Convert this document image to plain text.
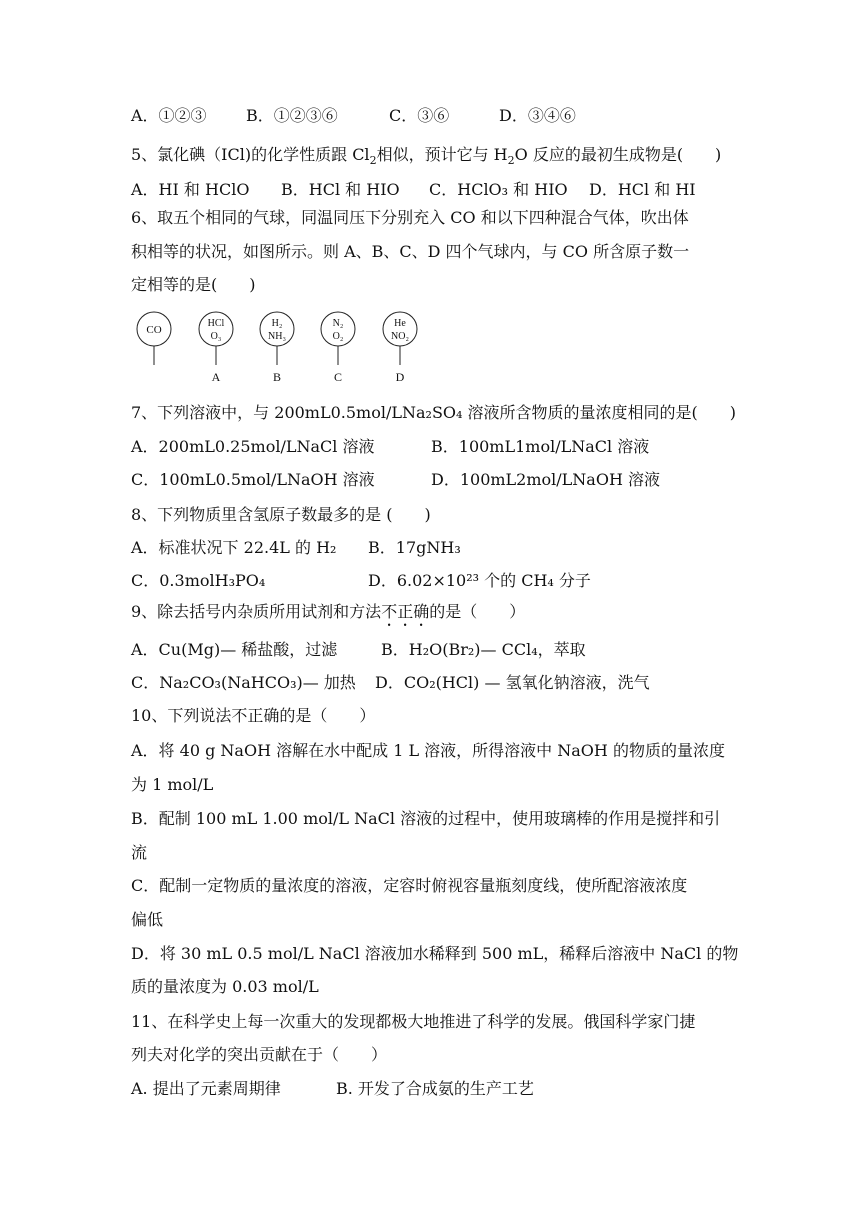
A．①②③ B．①②③⑥	C．③⑥	D．③④⑥
5、氯化碘（ICl)的化学性质跟 $Cl_2$相似，预计它与 $H_2O$ 反应的最初生成物是(　　)
A．HI 和 HClO B．HCl 和 HIO C．HClO₃ 和 HIO D．HCl 和 HI
6、取五个相同的气球，同温同压下分别充入 CO 和以下四种混合气体，吹出体
积相等的状况，如图所示。则 A、B、C、D 四个气球内，与 CO 所含原子数一
定相等的是(　　)
CO
HCl
O₃
A
H₂
NH₃
B
N₂
O₂
C
He
NO₂
D
7、下列溶液中，与 200mL0.5mol/LNa₂SO₄ 溶液所含物质的量浓度相同的是(　　)
A．200mL0.25mol/LNaCl 溶液	B．100mL1mol/LNaCl 溶液
C．100mL0.5mol/LNaOH 溶液	D．100mL2mol/LNaOH 溶液
8、下列物质里含氢原子数最多的是 (　　)
A．标准状况下 22.4L 的 H₂ B．17gNH₃
C．0.3molH₃PO₄	D．6.02×10²³ 个的 CH₄ 分子
9、除去括号内杂质所用试剂和方法不正确的是（　　）
A．Cu(Mg)— 稀盐酸，过滤	B．H₂O(Br₂)— CCl₄，萃取
C．Na₂CO₃(NaHCO₃)— 加热 D．CO₂(HCl) — 氢氧化钠溶液，洗气
10、下列说法不正确的是（　　）
A．将 40 g NaOH 溶解在水中配成 1 L 溶液，所得溶液中 NaOH 的物质的量浓度
为 1 mol/L
B．配制 100 mL 1.00 mol/L NaCl 溶液的过程中，使用玻璃棒的作用是搅拌和引
流
C．配制一定物质的量浓度的溶液，定容时俯视容量瓶刻度线，使所配溶液浓度
偏低
D．将 30 mL 0.5 mol/L NaCl 溶液加水稀释到 500 mL，稀释后溶液中 NaCl 的物
质的量浓度为 0.03 mol/L
11、在科学史上每一次重大的发现都极大地推进了科学的发展。俄国科学家门捷
列夫对化学的突出贡献在于（　　）
A. 提出了元素周期律	B. 开发了合成氨的生产工艺
